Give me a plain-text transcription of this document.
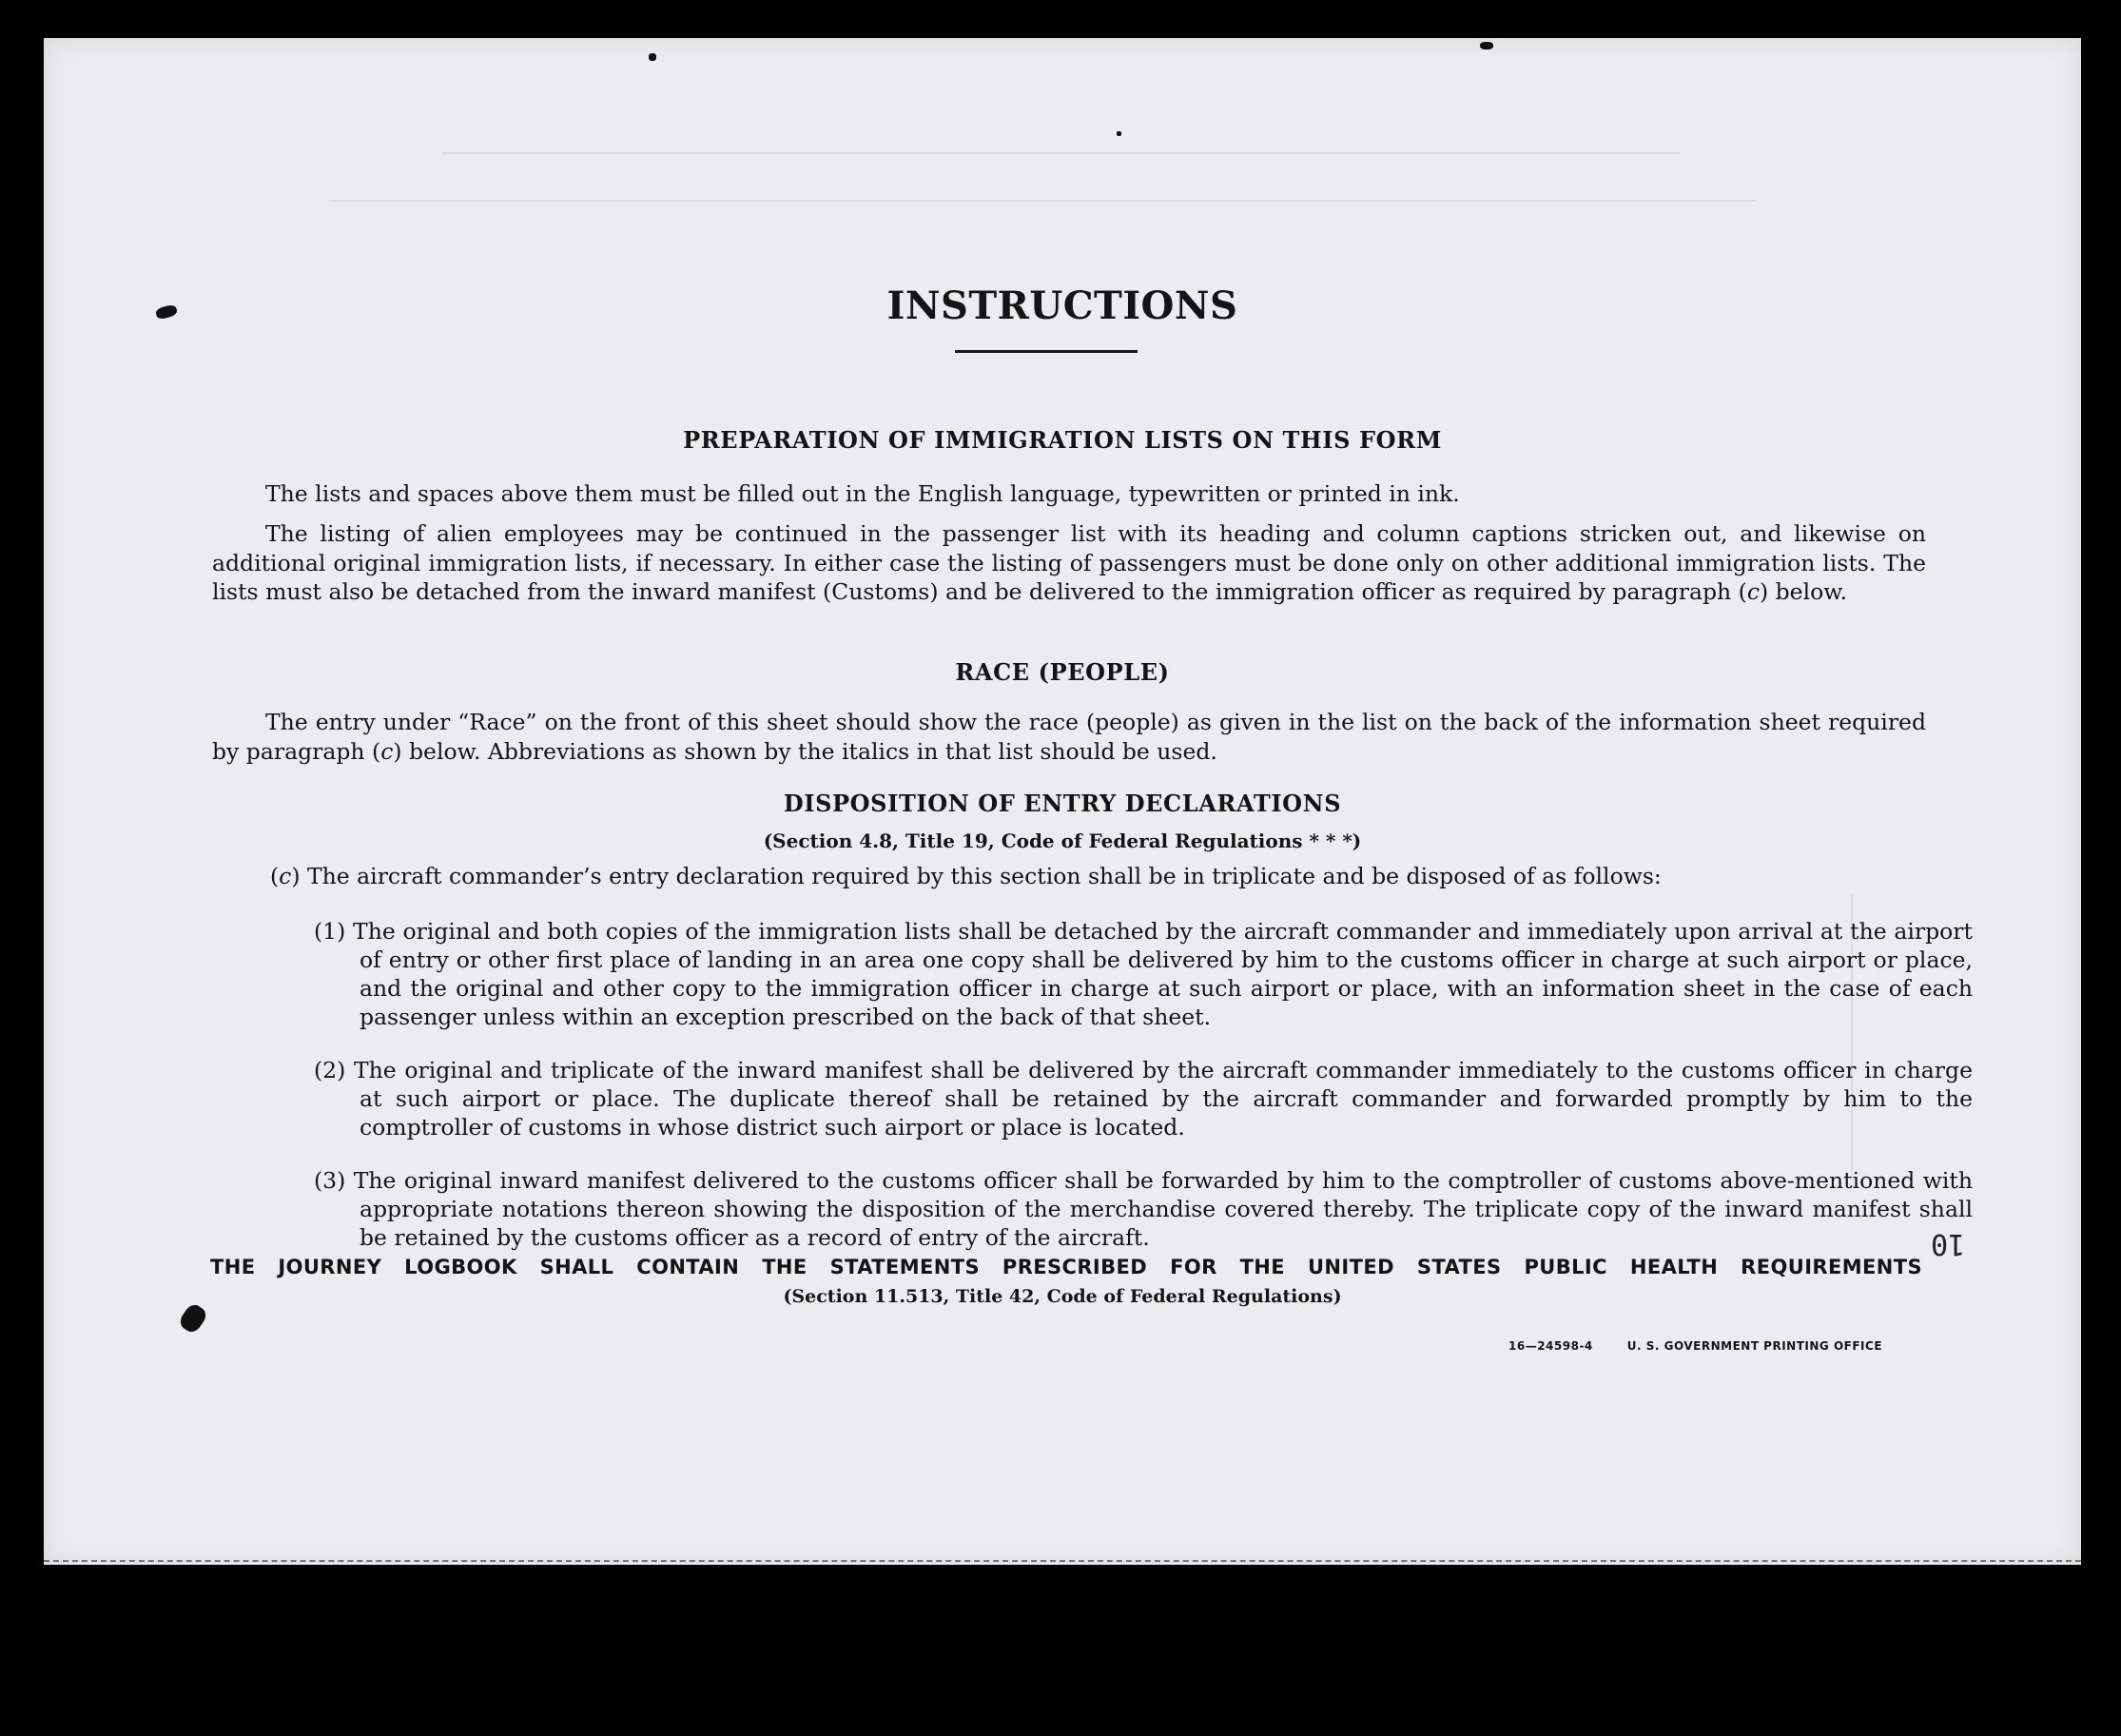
INSTRUCTIONS
PREPARATION OF IMMIGRATION LISTS ON THIS FORM
The lists and spaces above them must be filled out in the English language, typewritten or printed in ink.
The listing of alien employees may be continued in the passenger list with its heading and column captions stricken out, and likewise on additional original immigration lists, if necessary. In either case the listing of passengers must be done only on other additional immigration lists. The lists must also be detached from the inward manifest (Customs) and be delivered to the immigration officer as required by paragraph (c) below.
RACE (PEOPLE)
The entry under “Race” on the front of this sheet should show the race (people) as given in the list on the back of the information sheet required by paragraph (c) below. Abbreviations as shown by the italics in that list should be used.
DISPOSITION OF ENTRY DECLARATIONS
(Section 4.8, Title 19, Code of Federal Regulations * * *)
(c) The aircraft commander’s entry declaration required by this section shall be in triplicate and be disposed of as follows:
(1) The original and both copies of the immigration lists shall be detached by the aircraft commander and immediately upon arrival at the airport of entry or other first place of landing in an area one copy shall be delivered by him to the customs officer in charge at such airport or place, and the original and other copy to the immigration officer in charge at such airport or place, with an information sheet in the case of each passenger unless within an exception prescribed on the back of that sheet.
(2) The original and triplicate of the inward manifest shall be delivered by the aircraft commander immediately to the customs officer in charge at such airport or place. The duplicate thereof shall be retained by the aircraft commander and forwarded promptly by him to the comptroller of customs in whose district such airport or place is located.
(3) The original inward manifest delivered to the customs officer shall be forwarded by him to the comptroller of customs above-mentioned with appropriate notations thereon showing the disposition of the merchandise covered thereby. The triplicate copy of the inward manifest shall be retained by the customs officer as a record of entry of the aircraft.	10
THE JOURNEY LOGBOOK SHALL CONTAIN THE STATEMENTS PRESCRIBED FOR THE UNITED STATES PUBLIC HEALTH REQUIREMENTS
(Section 11.513, Title 42, Code of Federal Regulations)
16—24598-4	U. S. GOVERNMENT PRINTING OFFICE
